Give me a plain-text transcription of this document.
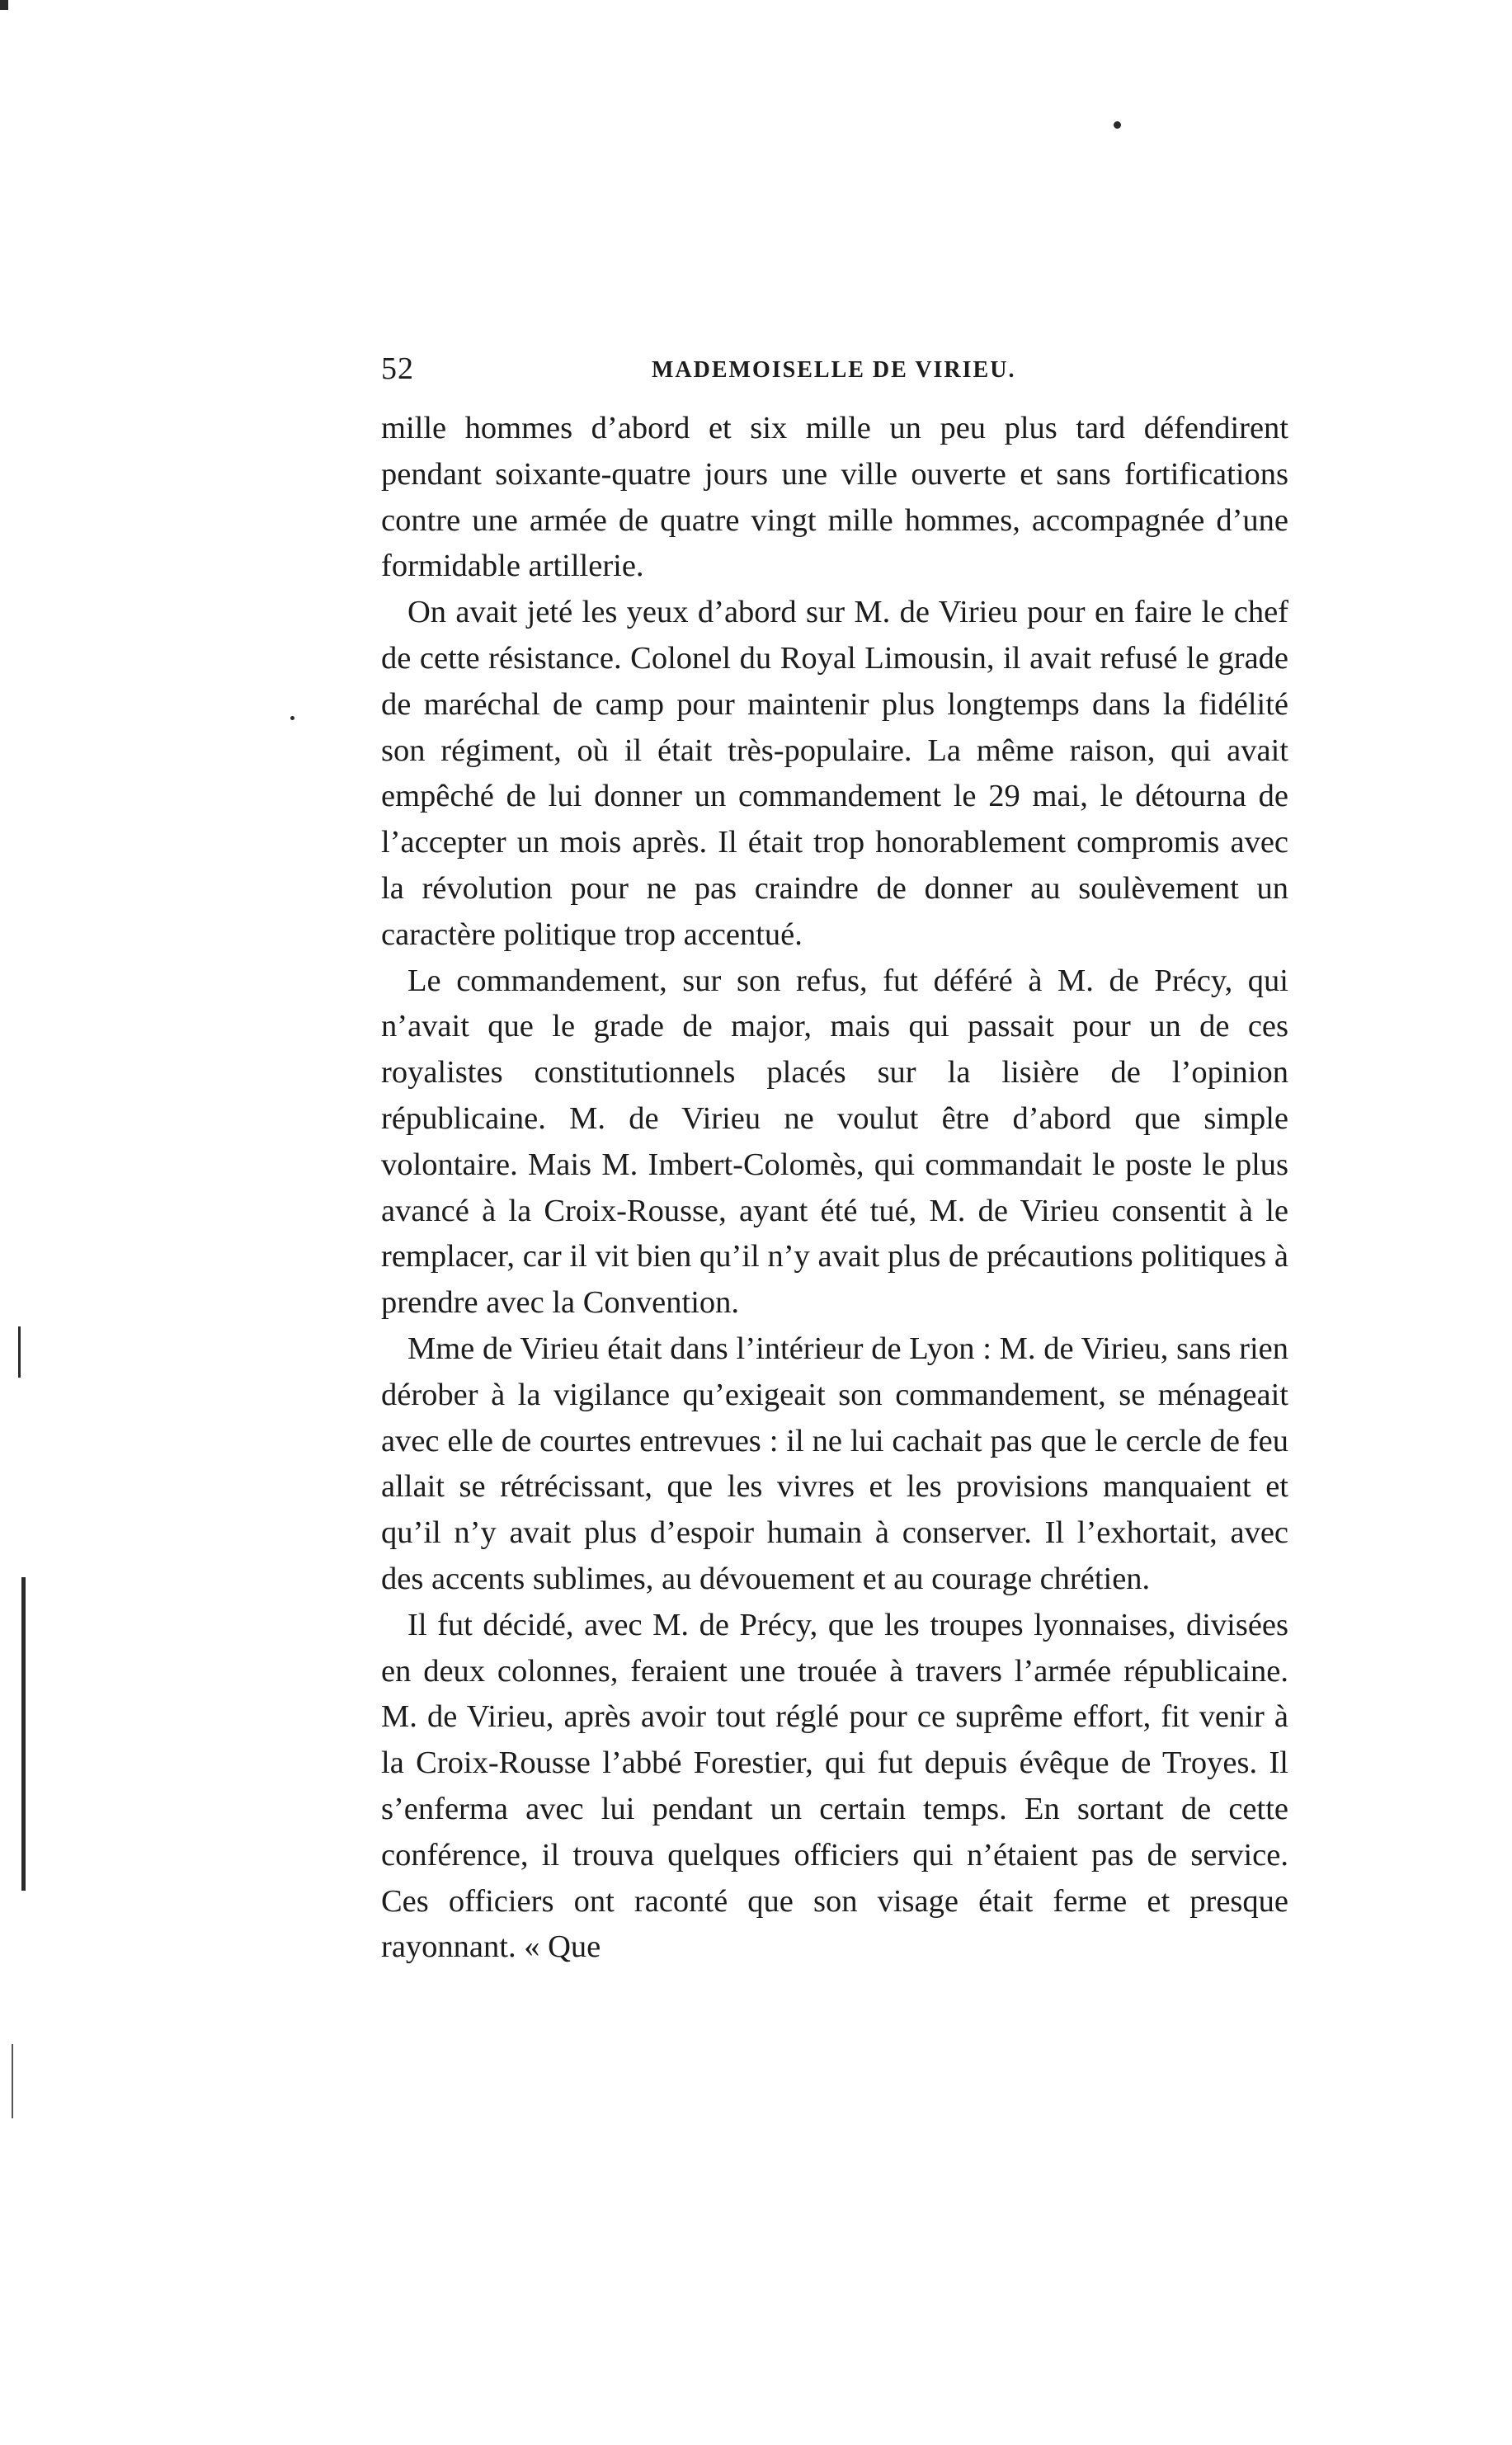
52	MADEMOISELLE DE VIRIEU.

mille hommes d’abord et six mille un peu plus tard défendirent pendant soixante-quatre jours une ville ouverte et sans fortifications contre une armée de quatre vingt mille hommes, accompagnée d’une formidable artillerie.

On avait jeté les yeux d’abord sur M. de Virieu pour en faire le chef de cette résistance. Colonel du Royal Limousin, il avait refusé le grade de maréchal de camp pour maintenir plus longtemps dans la fidélité son régiment, où il était très-populaire. La même raison, qui avait empêché de lui donner un commandement le 29 mai, le détourna de l’accepter un mois après. Il était trop honorablement compromis avec la révolution pour ne pas craindre de donner au soulèvement un caractère politique trop accentué.

Le commandement, sur son refus, fut déféré à M. de Précy, qui n’avait que le grade de major, mais qui passait pour un de ces royalistes constitutionnels placés sur la lisière de l’opinion républicaine. M. de Virieu ne voulut être d’abord que simple volontaire. Mais M. Imbert-Colomès, qui commandait le poste le plus avancé à la Croix-Rousse, ayant été tué, M. de Virieu consentit à le remplacer, car il vit bien qu’il n’y avait plus de précautions politiques à prendre avec la Convention.

Mme de Virieu était dans l’intérieur de Lyon : M. de Virieu, sans rien dérober à la vigilance qu’exigeait son commandement, se ménageait avec elle de courtes entrevues : il ne lui cachait pas que le cercle de feu allait se rétrécissant, que les vivres et les provisions manquaient et qu’il n’y avait plus d’espoir humain à conserver. Il l’exhortait, avec des accents sublimes, au dévouement et au courage chrétien.

Il fut décidé, avec M. de Précy, que les troupes lyonnaises, divisées en deux colonnes, feraient une trouée à travers l’armée républicaine. M. de Virieu, après avoir tout réglé pour ce suprême effort, fit venir à la Croix-Rousse l’abbé Forestier, qui fut depuis évêque de Troyes. Il s’enferma avec lui pendant un certain temps. En sortant de cette conférence, il trouva quelques officiers qui n’étaient pas de service. Ces officiers ont raconté que son visage était ferme et presque rayonnant. « Que
